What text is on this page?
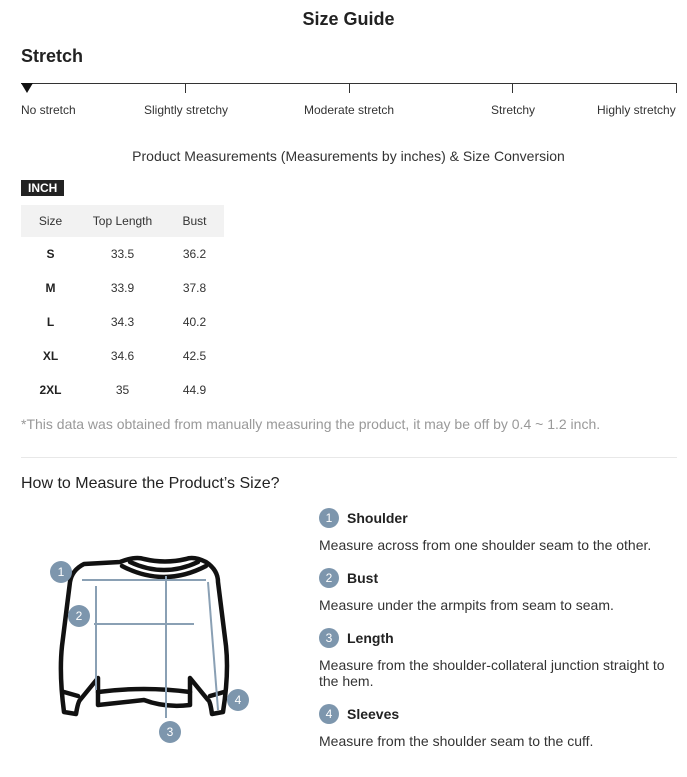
Size Guide
Stretch
No stretch	Slightly stretchy	Moderate stretch	Stretchy	Highly stretchy
Product Measurements (Measurements by inches) & Size Conversion
INCH
Size	Top Length	Bust
S	33.5	36.2
M	33.9	37.8
L	34.3	40.2
XL	34.6	42.5
2XL	35	44.9
*This data was obtained from manually measuring the product, it may be off by 0.4 ~ 1.2 inch.
How to Measure the Product’s Size?
1
2
3
4
1	Shoulder
Measure across from one shoulder seam to the other.
2	Bust
Measure under the armpits from seam to seam.
3	Length
Measure from the shoulder-collateral junction straight to the hem.
4	Sleeves
Measure from the shoulder seam to the cuff.
